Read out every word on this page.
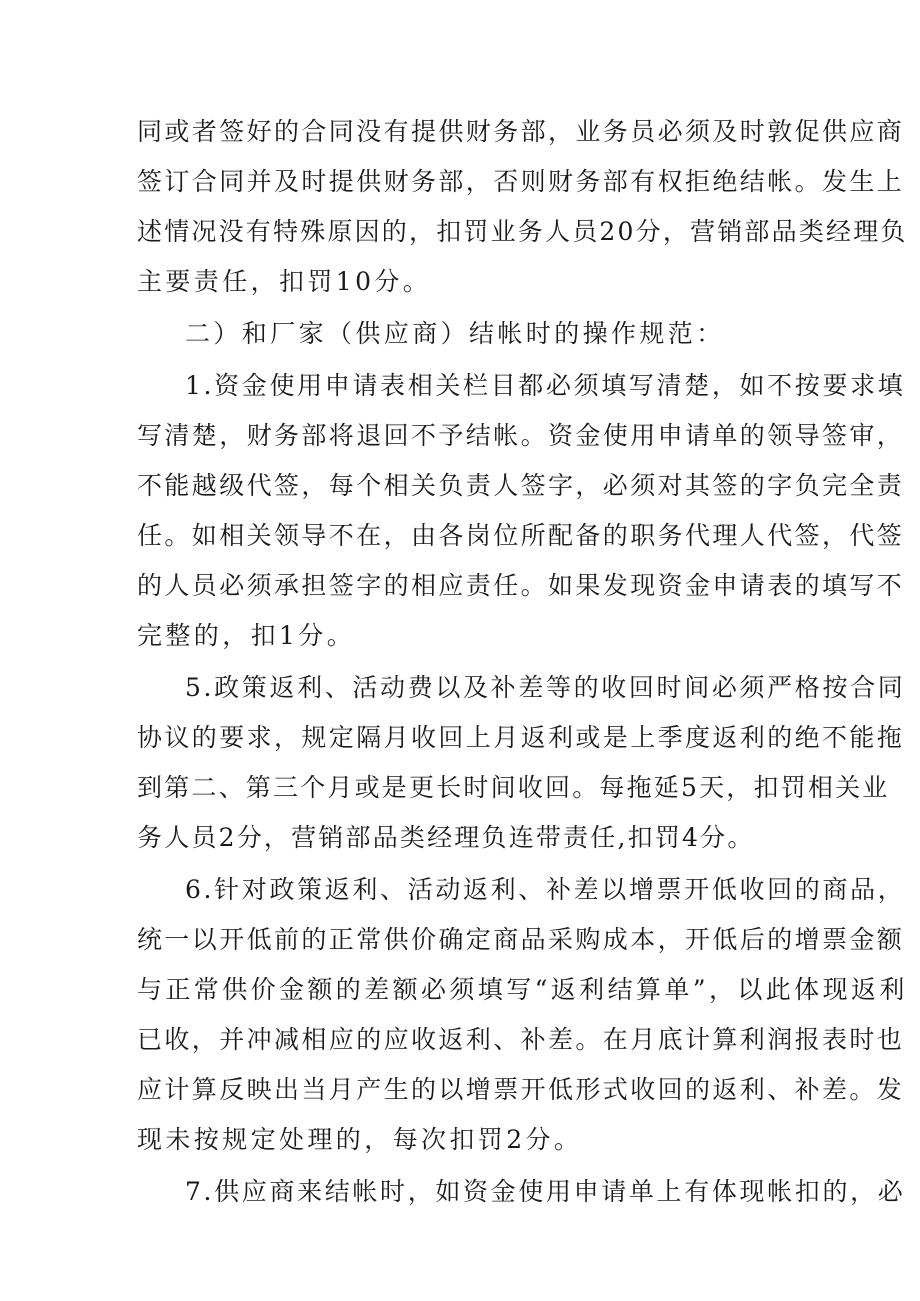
同或者签好的合同没有提供财务部，业务员必须及时敦促供应商
签订合同并及时提供财务部，否则财务部有权拒绝结帐。发生上
述情况没有特殊原因的，扣罚业务人员20分，营销部品类经理负
主要责任，扣罚10分。
二）和厂家（供应商）结帐时的操作规范：
1.资金使用申请表相关栏目都必须填写清楚，如不按要求填
写清楚，财务部将退回不予结帐。资金使用申请单的领导签审，
不能越级代签，每个相关负责人签字，必须对其签的字负完全责
任。如相关领导不在，由各岗位所配备的职务代理人代签，代签
的人员必须承担签字的相应责任。如果发现资金申请表的填写不
完整的，扣1分。
5.政策返利、活动费以及补差等的收回时间必须严格按合同
协议的要求，规定隔月收回上月返利或是上季度返利的绝不能拖
到第二、第三个月或是更长时间收回。每拖延5天，扣罚相关业
务人员2分，营销部品类经理负连带责任,扣罚4分。
6.针对政策返利、活动返利、补差以增票开低收回的商品，
统一以开低前的正常供价确定商品采购成本，开低后的增票金额
与正常供价金额的差额必须填写“返利结算单”，以此体现返利
已收，并冲减相应的应收返利、补差。在月底计算利润报表时也
应计算反映出当月产生的以增票开低形式收回的返利、补差。发
现未按规定处理的，每次扣罚2分。
7.供应商来结帐时，如资金使用申请单上有体现帐扣的，必
